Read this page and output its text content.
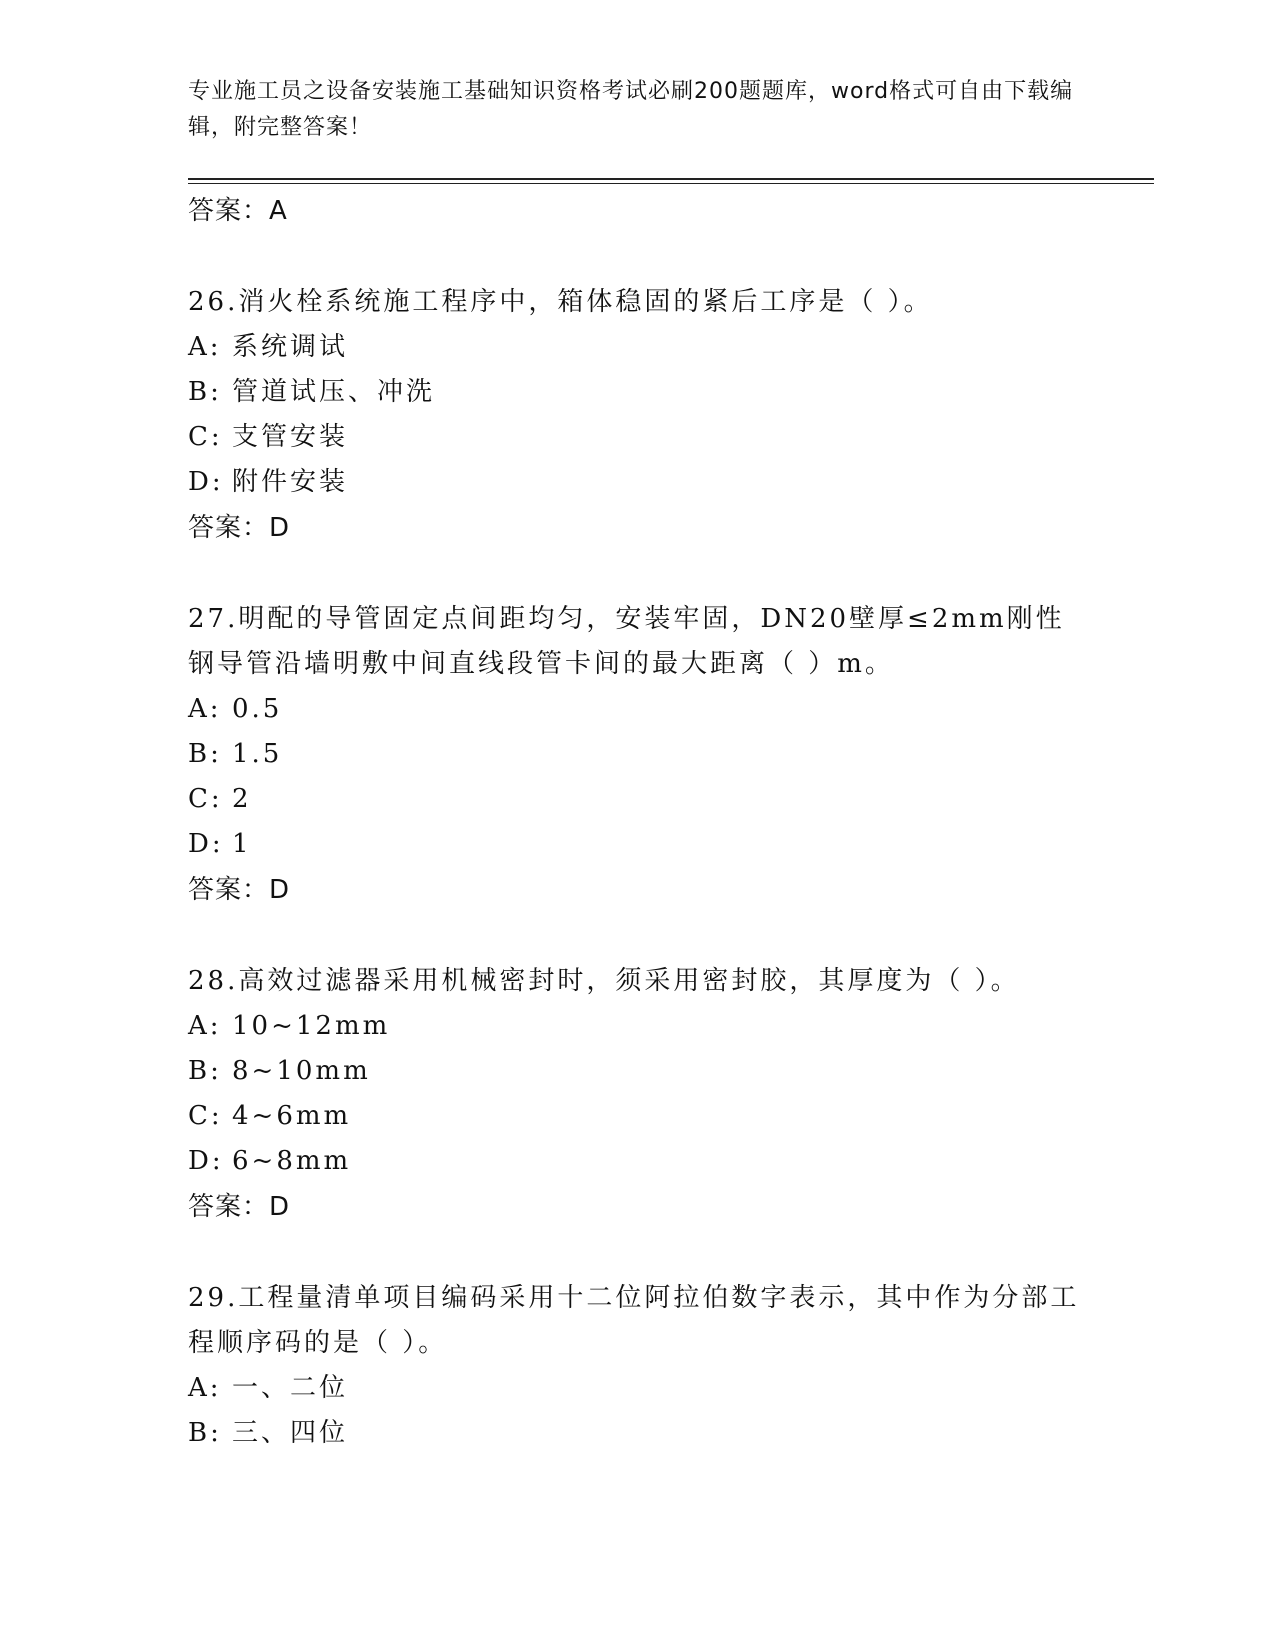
专业施工员之设备安装施工基础知识资格考试必刷200题题库，word格式可自由下载编辑，附完整答案！
答案：A
26.消火栓系统施工程序中，箱体稳固的紧后工序是（ ）。
A: 系统调试
B: 管道试压、冲洗
C: 支管安装
D: 附件安装
答案：D
27.明配的导管固定点间距均匀，安装牢固，DN20壁厚≤2mm刚性钢导管沿墙明敷中间直线段管卡间的最大距离（ ）m。
A: 0.5
B: 1.5
C: 2
D: 1
答案：D
28.高效过滤器采用机械密封时，须采用密封胶，其厚度为（ ）。
A: 10~12mm
B: 8~10mm
C: 4~6mm
D: 6~8mm
答案：D
29.工程量清单项目编码采用十二位阿拉伯数字表示，其中作为分部工程顺序码的是（ ）。
A: 一、二位
B: 三、四位
